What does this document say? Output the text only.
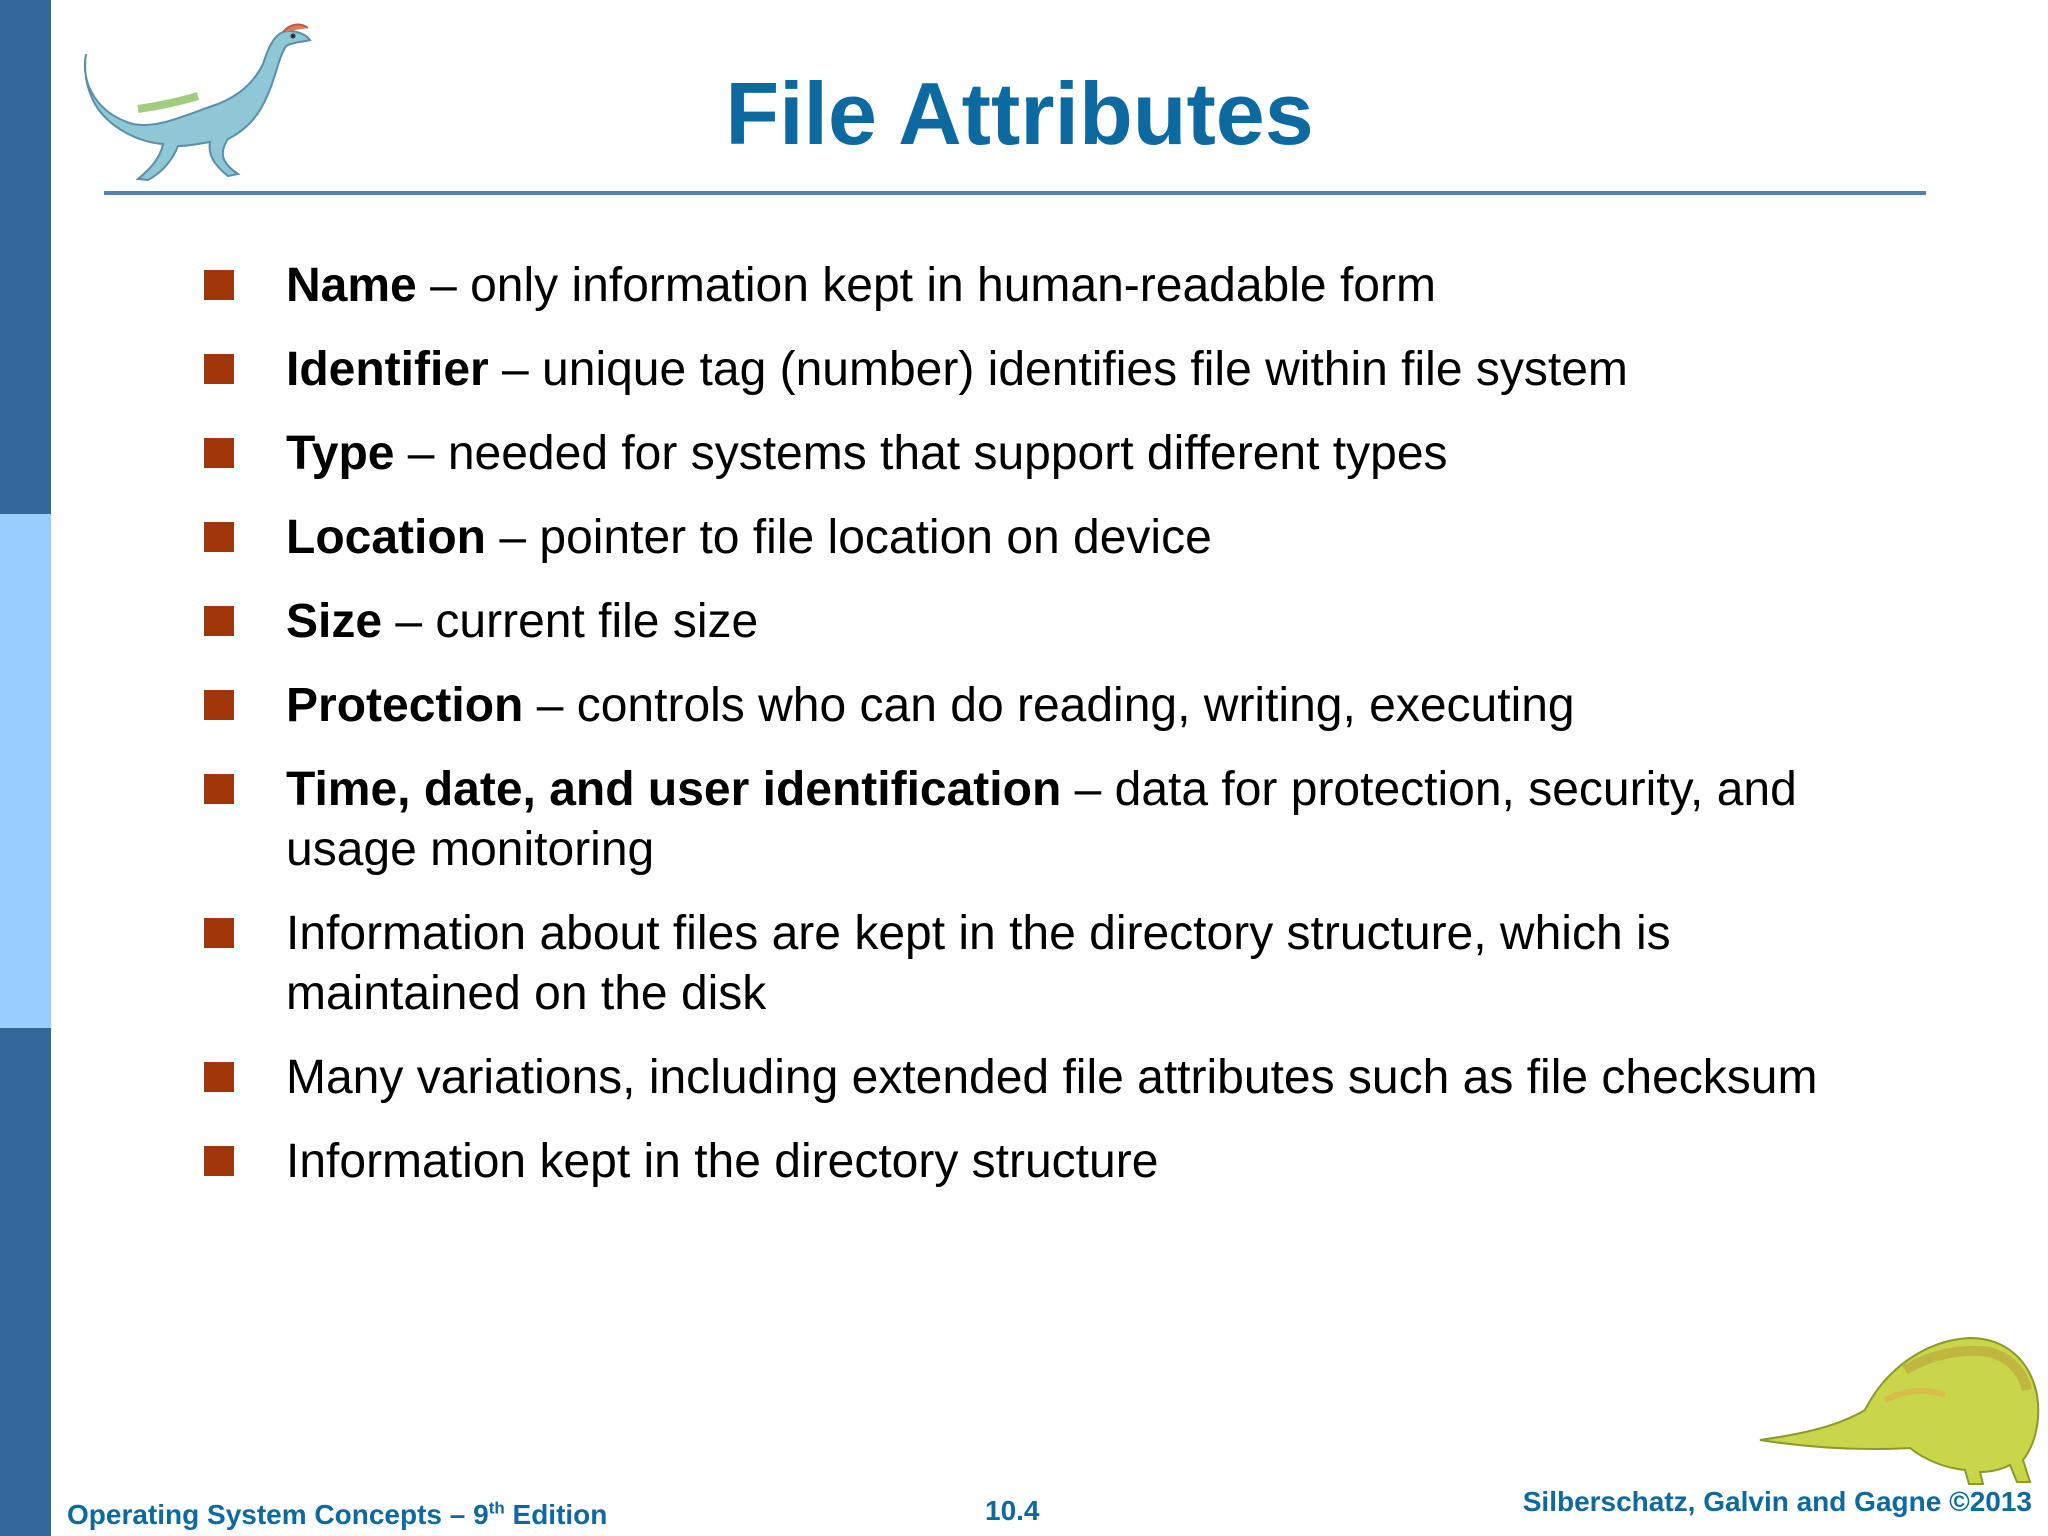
File Attributes
Name – only information kept in human-readable form
Identifier – unique tag (number) identifies file within file system
Type – needed for systems that support different types
Location – pointer to file location on device
Size – current file size
Protection – controls who can do reading, writing, executing
Time, date, and user identification – data for protection, security, and usage monitoring
Information about files are kept in the directory structure, which is maintained on the disk
Many variations, including extended file attributes such as file checksum
Information kept in the directory structure
Operating System Concepts – 9th Edition	10.4	Silberschatz, Galvin and Gagne ©2013
